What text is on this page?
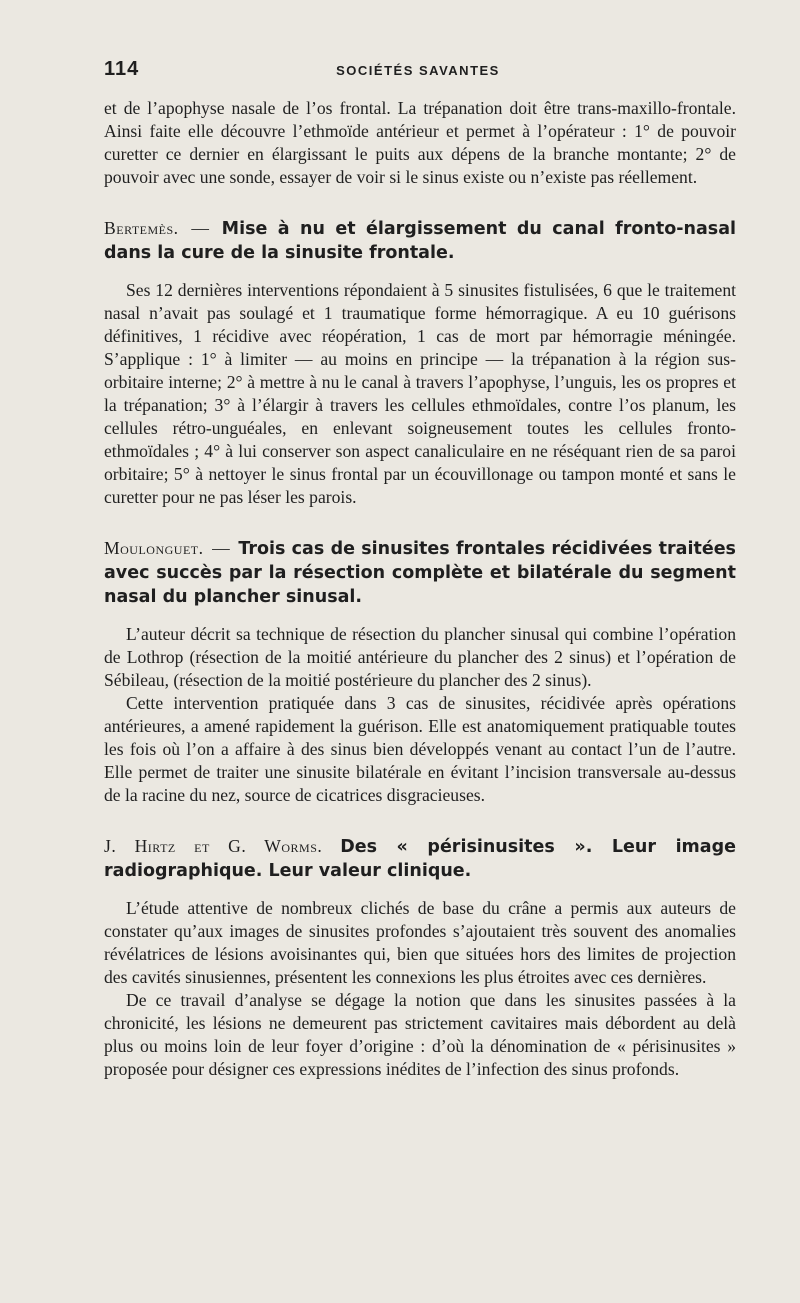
114	SOCIÉTÉS SAVANTES

et de l’apophyse nasale de l’os frontal. La trépanation doit être trans-maxillo-frontale. Ainsi faite elle découvre l’ethmoïde antérieur et permet à l’opérateur : 1° de pouvoir curetter ce dernier en élargissant le puits aux dépens de la branche montante; 2° de pouvoir avec une sonde, essayer de voir si le sinus existe ou n’existe pas réellement.

Bertemès. — Mise à nu et élargissement du canal fronto-nasal dans la cure de la sinusite frontale.

Ses 12 dernières interventions répondaient à 5 sinusites fistulisées, 6 que le traitement nasal n’avait pas soulagé et 1 traumatique forme hémorragique. A eu 10 guérisons définitives, 1 récidive avec réopération, 1 cas de mort par hémorragie méningée. S’applique : 1° à limiter — au moins en principe — la trépanation à la région sus-orbitaire interne; 2° à mettre à nu le canal à travers l’apophyse, l’unguis, les os propres et la trépanation; 3° à l’élargir à travers les cellules ethmoïdales, contre l’os planum, les cellules rétro-unguéales, en enlevant soigneusement toutes les cellules fronto-ethmoïdales ; 4° à lui conserver son aspect canaliculaire en ne réséquant rien de sa paroi orbitaire; 5° à nettoyer le sinus frontal par un écouvillonage ou tampon monté et sans le curetter pour ne pas léser les parois.

Moulonguet. — Trois cas de sinusites frontales récidivées traitées avec succès par la résection complète et bilatérale du segment nasal du plancher sinusal.

L’auteur décrit sa technique de résection du plancher sinusal qui combine l’opération de Lothrop (résection de la moitié antérieure du plancher des 2 sinus) et l’opération de Sébileau, (résection de la moitié postérieure du plancher des 2 sinus).

Cette intervention pratiquée dans 3 cas de sinusites, récidivée après opérations antérieures, a amené rapidement la guérison. Elle est anatomiquement pratiquable toutes les fois où l’on a affaire à des sinus bien développés venant au contact l’un de l’autre. Elle permet de traiter une sinusite bilatérale en évitant l’incision transversale au-dessus de la racine du nez, source de cicatrices disgracieuses.

J. Hirtz et G. Worms. Des « périsinusites ». Leur image radiographique. Leur valeur clinique.

L’étude attentive de nombreux clichés de base du crâne a permis aux auteurs de constater qu’aux images de sinusites profondes s’ajoutaient très souvent des anomalies révélatrices de lésions avoisinantes qui, bien que situées hors des limites de projection des cavités sinusiennes, présentent les connexions les plus étroites avec ces dernières.

De ce travail d’analyse se dégage la notion que dans les sinusites passées à la chronicité, les lésions ne demeurent pas strictement cavitaires mais débordent au delà plus ou moins loin de leur foyer d’origine : d’où la dénomination de « périsinusites » proposée pour désigner ces expressions inédites de l’infection des sinus profonds.
